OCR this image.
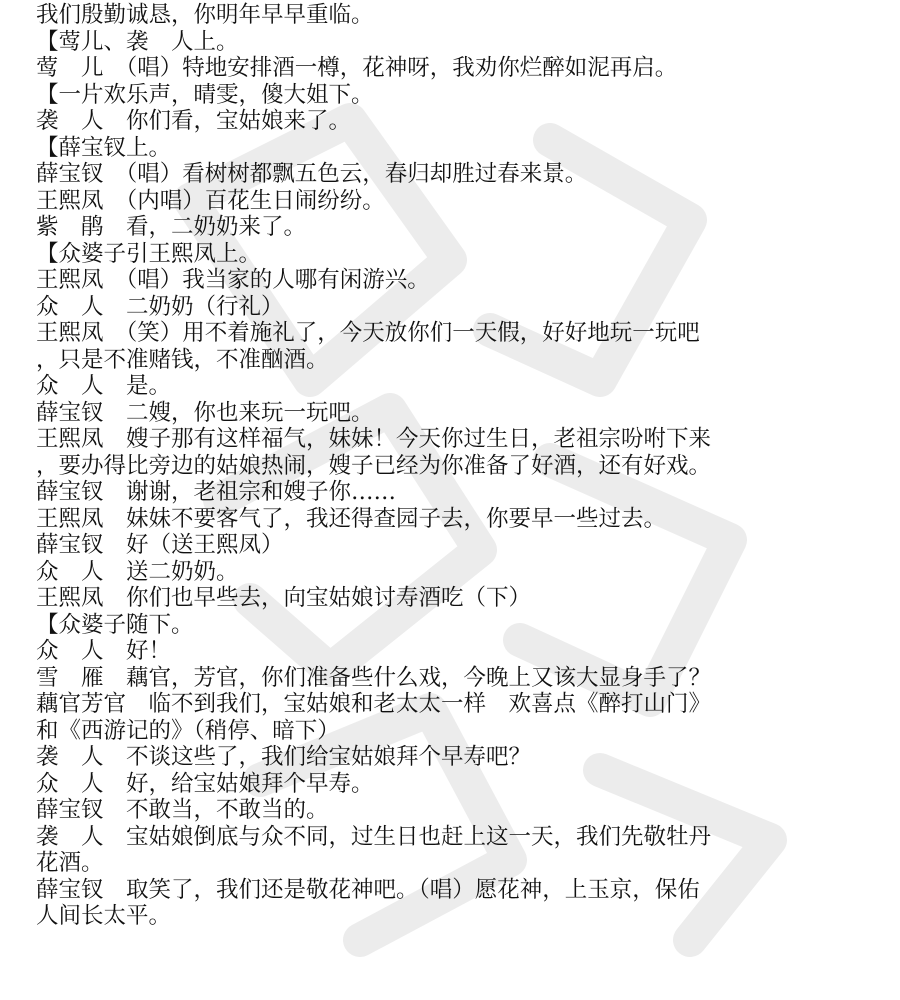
我们殷勤诚恳，你明年早早重临。
【莺儿、袭　人上。
莺　儿　（唱）特地安排酒一樽，花神呀，我劝你烂醉如泥再启。
【一片欢乐声，晴雯，傻大姐下。
袭　人　你们看，宝姑娘来了。
【薛宝钗上。
薛宝钗　（唱）看树树都飘五色云，春归却胜过春来景。
王熙凤　（内唱）百花生日闹纷纷。
紫　鹃　看，二奶奶来了。
【众婆子引王熙凤上。
王熙凤　（唱）我当家的人哪有闲游兴。
众　人　二奶奶（行礼）
王熙凤　（笑）用不着施礼了，今天放你们一天假，好好地玩一玩吧
，只是不准赌钱，不准酗酒。
众　人　是。
薛宝钗　二嫂，你也来玩一玩吧。
王熙凤　嫂子那有这样福气，妹妹！今天你过生日，老祖宗吩咐下来
，要办得比旁边的姑娘热闹，嫂子已经为你准备了好酒，还有好戏。
薛宝钗　谢谢，老祖宗和嫂子你……
王熙凤　妹妹不要客气了，我还得查园子去，你要早一些过去。
薛宝钗　好（送王熙凤）
众　人　送二奶奶。
王熙凤　你们也早些去，向宝姑娘讨寿酒吃（下）
【众婆子随下。
众　人　好！
雪　雁　藕官，芳官，你们准备些什么戏，今晚上又该大显身手了？
藕官芳官　临不到我们，宝姑娘和老太太一样　欢喜点《醉打山门》
和《西游记的》（稍停、暗下）
袭　人　不谈这些了，我们给宝姑娘拜个早寿吧？
众　人　好，给宝姑娘拜个早寿。
薛宝钗　不敢当，不敢当的。
袭　人　宝姑娘倒底与众不同，过生日也赶上这一天，我们先敬牡丹
花酒。
薛宝钗　取笑了，我们还是敬花神吧。（唱）愿花神，上玉京，保佑
人间长太平。
